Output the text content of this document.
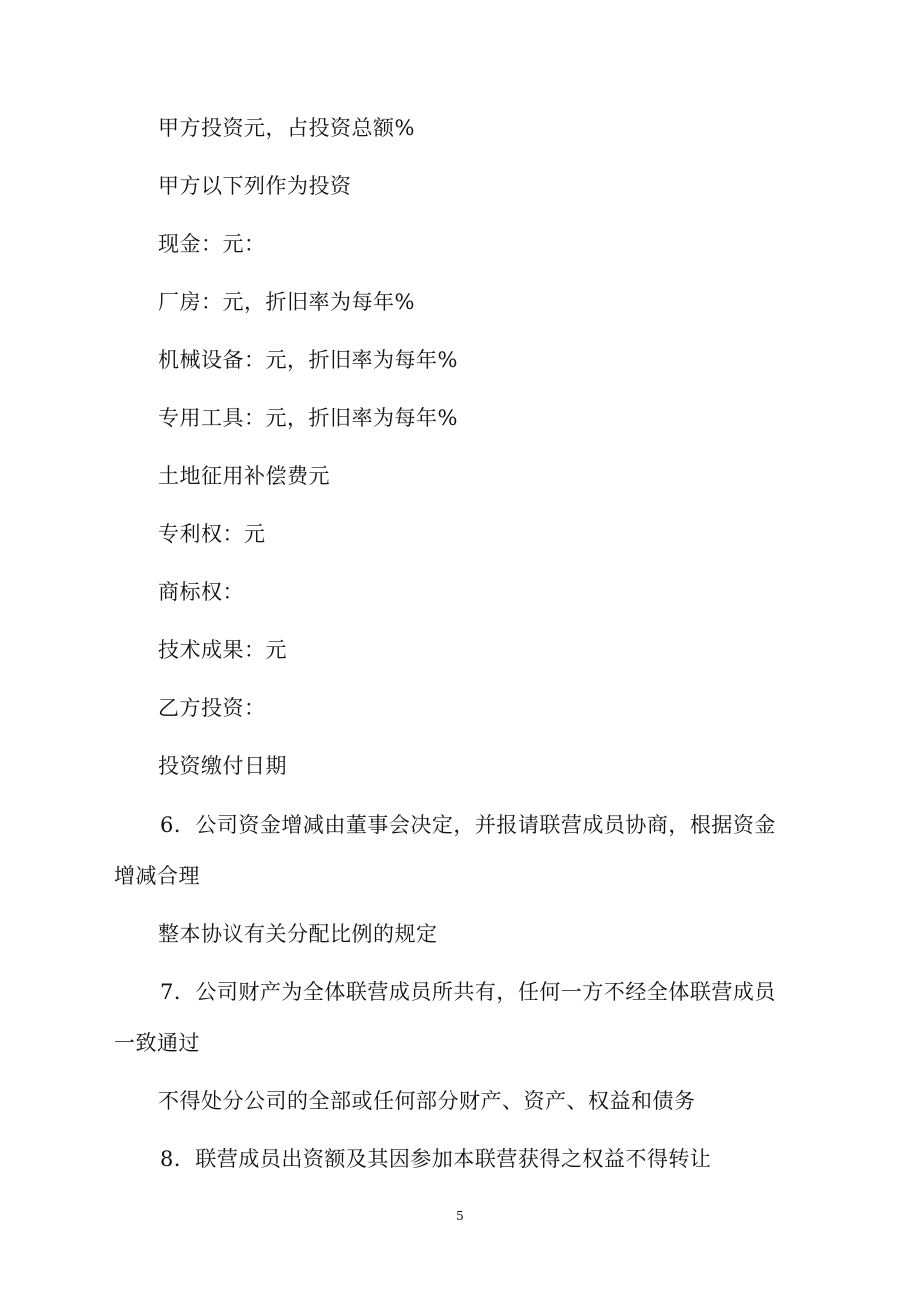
甲方投资元，占投资总额%
甲方以下列作为投资
现金：元：
厂房：元，折旧率为每年%
机械设备：元，折旧率为每年%
专用工具：元，折旧率为每年%
土地征用补偿费元
专利权：元
商标权：
技术成果：元
乙方投资：
投资缴付日期
6．公司资金增减由董事会决定，并报请联营成员协商，根据资金
增减合理
整本协议有关分配比例的规定
7．公司财产为全体联营成员所共有，任何一方不经全体联营成员
一致通过
不得处分公司的全部或任何部分财产、资产、权益和债务
8．联营成员出资额及其因参加本联营获得之权益不得转让
5
